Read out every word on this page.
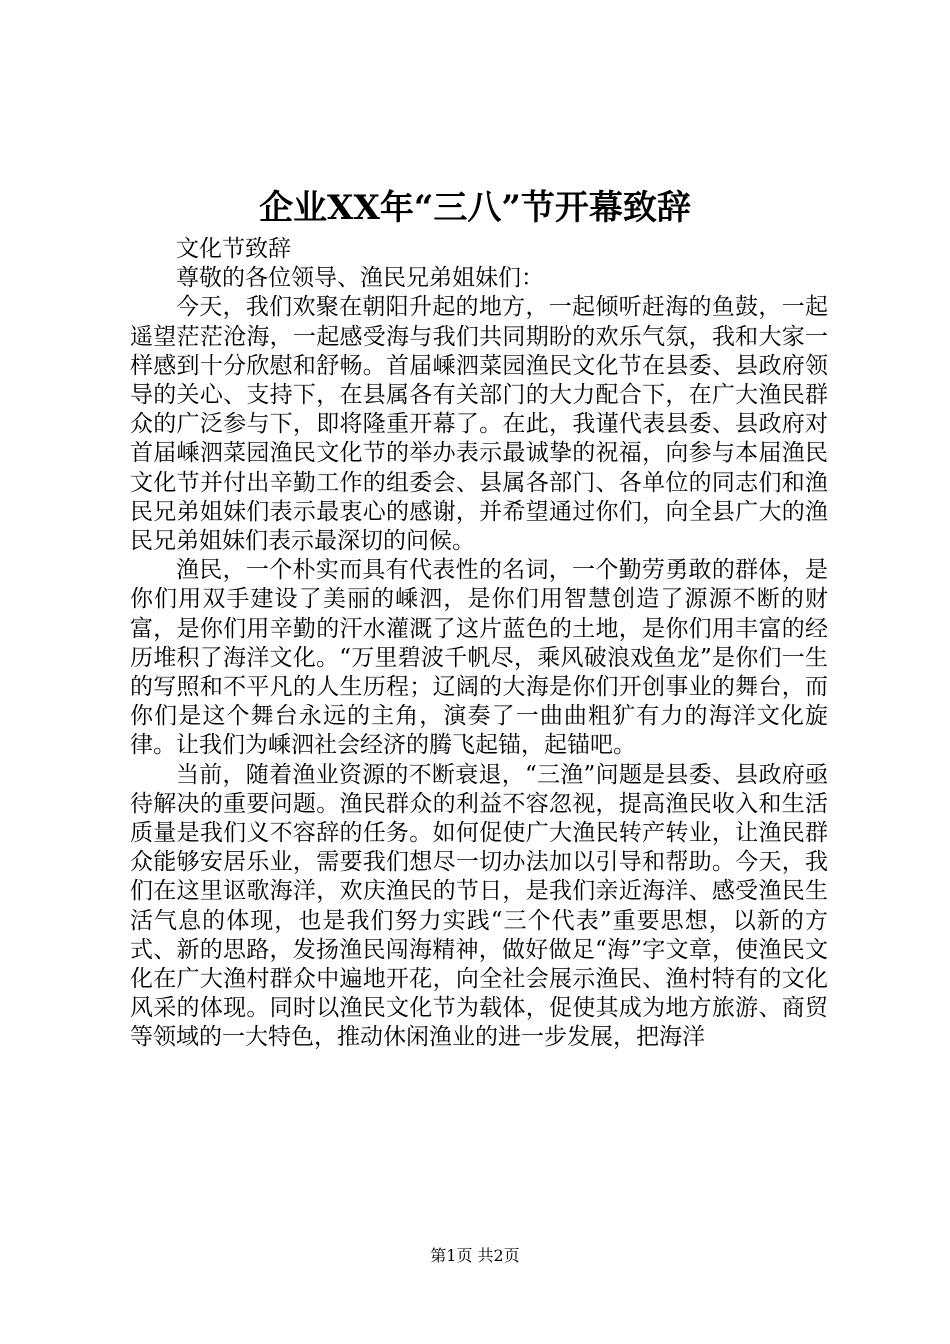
企业XX年“三八”节开幕致辞

文化节致辞

尊敬的各位领导、渔民兄弟姐妹们：

今天，我们欢聚在朝阳升起的地方，一起倾听赶海的鱼鼓，一起遥望茫茫沧海，一起感受海与我们共同期盼的欢乐气氛，我和大家一样感到十分欣慰和舒畅。首届嵊泗菜园渔民文化节在县委、县政府领导的关心、支持下，在县属各有关部门的大力配合下，在广大渔民群众的广泛参与下，即将隆重开幕了。在此，我谨代表县委、县政府对首届嵊泗菜园渔民文化节的举办表示最诚挚的祝福，向参与本届渔民文化节并付出辛勤工作的组委会、县属各部门、各单位的同志们和渔民兄弟姐妹们表示最衷心的感谢，并希望通过你们，向全县广大的渔民兄弟姐妹们表示最深切的问候。

渔民，一个朴实而具有代表性的名词，一个勤劳勇敢的群体，是你们用双手建设了美丽的嵊泗，是你们用智慧创造了源源不断的财富，是你们用辛勤的汗水灌溉了这片蓝色的土地，是你们用丰富的经历堆积了海洋文化。“万里碧波千帆尽，乘风破浪戏鱼龙”是你们一生的写照和不平凡的人生历程；辽阔的大海是你们开创事业的舞台，而你们是这个舞台永远的主角，演奏了一曲曲粗犷有力的海洋文化旋律。让我们为嵊泗社会经济的腾飞起锚，起锚吧。

当前，随着渔业资源的不断衰退，“三渔”问题是县委、县政府亟待解决的重要问题。渔民群众的利益不容忽视，提高渔民收入和生活质量是我们义不容辞的任务。如何促使广大渔民转产转业，让渔民群众能够安居乐业，需要我们想尽一切办法加以引导和帮助。今天，我们在这里讴歌海洋，欢庆渔民的节日，是我们亲近海洋、感受渔民生活气息的体现，也是我们努力实践“三个代表”重要思想，以新的方式、新的思路，发扬渔民闯海精神，做好做足“海”字文章，使渔民文化在广大渔村群众中遍地开花，向全社会展示渔民、渔村特有的文化风采的体现。同时以渔民文化节为载体，促使其成为地方旅游、商贸等领域的一大特色，推动休闲渔业的进一步发展，把海洋

第1页 共2页
